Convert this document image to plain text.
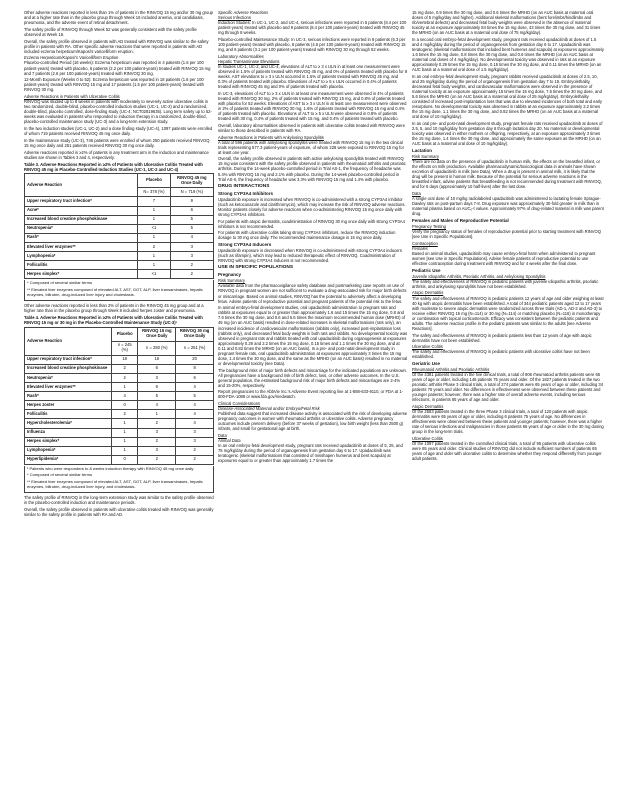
Other adverse reactions reported in less than 1% of patients in the RINVOQ 15 mg and/or 30 mg group and at a higher rate than in the placebo group through Week 16 included anemia, oral candidiasis, pneumonia, and the adverse event of retinal detachment.

The safety profile of RINVOQ through Week 52 was generally consistent with the safety profile observed at Week 16.

Overall, the safety profile observed in patients with AD treated with RINVOQ was similar to the safety profile in patients with RA. Other specific adverse reactions that were reported in patients with AD included eczema herpeticum/Kaposi's varicelliform eruption.

Eczema Herpeticum/Kaposi's Varicelliform Eruption

Placebo-controlled Period (16 weeks): Eczema herpeticum was reported in 4 patients (1.6 per 100 patient-years) treated with placebo, 6 patients (2.2 per 100 patient-years) treated with RINVOQ 15 mg and 7 patients (2.6 per 100 patient-years) treated with RINVOQ 30 mg.

12-Month Exposure (Weeks 0 to 52): Eczema herpeticum was reported in 18 patients (1.6 per 100 patient-years) treated with RINVOQ 15 mg and 17 patients (1.5 per 100 patient-years) treated with RINVOQ 30 mg.

Adverse Reactions in Patients with Ulcerative Colitis

RINVOQ was studied up to 8 weeks in patients with moderately to severely active ulcerative colitis in two randomized, double-blind, placebo-controlled induction studies (UC-1, UC-2) and a randomized, double-blind, placebo controlled, dose-finding study (UC-4; NCT02819635). Long term safety up to 52-weeks was evaluated in patients who responded to induction therapy in a randomized, double-blind, placebo-controlled maintenance study (UC-3) and a long-term extension study.

In the two induction studies (UC-1, UC-2) and a dose finding study (UC-4), 1097 patients were enrolled of whom 719 patients received RINVOQ 45 mg once daily.

In the maintenance study (UC-3), 746 patients were enrolled of whom 250 patients received RINVOQ 15 mg once daily and 251 patients received RINVOQ 30 mg once daily.

Adverse reactions reported in ≥2% of patients in any treatment arm in the induction and maintenance studies are shown in Tables 3 and 4, respectively.

Table 3. Adverse Reactions Reported in ≥2% of Patients with Ulcerative Colitis Treated with RINVOQ 45 mg in Placebo-Controlled Induction Studies (UC-1, UC-2 and UC-4)

Adverse Reaction	Placebo	RINVOQ 45 mg Once Daily
	N= 378 (%)	N = 719 (%)
Upper respiratory tract infection*	7	9
Acne*	1	6
Increased blood creatine phosphokinase	1	5
Neutropenia*	<1	5
Rash*	1	4
Elevated liver enzymes**	2	3
Lymphopenia*	1	3
Folliculitis	1	2
Herpes simplex*	<1	2

* Composed of several similar terms

** Elevated liver enzymes composed of elevated ALT, AST, GGT, ALP, liver transaminases, hepatic enzymes, bilirubin, drug-induced liver injury and cholestasis.

Other adverse reactions reported in less than 2% of patients in the RINVOQ 45 mg group and at a higher rate than in the placebo group through Week 8 included herpes zoster and pneumonia.

Table 4. Adverse Reactions Reported in ≥2% of Patients with Ulcerative Colitis Treated with RINVOQ 15 mg or 30 mg in the Placebo-Controlled Maintenance Study (UC-3)¹

Adverse Reaction	Placebo	RINVOQ 15 mg Once Daily	RINVOQ 30 mg Once Daily
	n = 245 (%)	n = 250 (%)	n = 251 (%)
Upper respiratory tract infection*	18	16	20
Increased blood creatine phosphokinase	2	6	8
Neutropenia*	2	3	6
Elevated liver enzymes**	1	6	4
Rash*	4	5	5
Herpes zoster	0	4	4
Folliculitis	2	1	4
Hypercholesterolemia*	1	2	4
Influenza	1	3	3
Herpes simplex*	1	2	3
Lymphopenia*	1	3	2
Hyperlipidemia*	0	2	2

¹ Patients who were responders to 8 weeks induction therapy with RINVOQ 45 mg once daily

* Composed of several similar terms

** Elevated liver enzymes composed of elevated ALT, AST, GGT, ALP, liver transaminases, hepatic enzymes, bilirubin, drug-induced liver injury, and cholestasis.

The safety profile of RINVOQ in the long-term extension study was similar to the safety profile observed in the placebo-controlled induction and maintenance periods.

Overall, the safety profile observed in patients with ulcerative colitis treated with RINVOQ was generally similar to the safety profile in patients with RA and AD.

Specific Adverse Reactions

Serious Infections

Induction Studies: In UC-1, UC-2, and UC-4, serious infections were reported in 5 patients (8.4 per 100 patient-years) treated with placebo and 9 patients (8.4 per 100 patient-years) treated with RINVOQ 45 mg through 8 weeks.

Placebo-controlled Maintenance Study: In UC-3, serious infections were reported in 8 patients (6.3 per 100 patient-years) treated with placebo, 8 patients (4.5 per 100 patient-years) treated with RINVOQ 15 mg, and 6 patients (3.1 per 100 patient-years) treated with RINVOQ 30 mg through 52 weeks.

Laboratory Abnormalities

Hepatic Transaminase Elevations

In studies UC-1, UC-2, and UC-4, elevations of ALT to ≥ 3 x ULN in at least one measurement were observed in 1.5% of patients treated with RINVOQ 45 mg, and 0% of patients treated with placebo for 8 weeks. AST elevations to ≥ 3 x ULN occurred in 1.5% of patients treated with RINVOQ 45 mg, and 0.3% of patients treated with placebo. Elevations of ALT to ≥ 5 x ULN occurred in 0.4% of patients treated with RINVOQ 45 mg and 0% of patients treated with placebo.

In UC-3, elevations of ALT to ≥ 3 x ULN in at least one measurement were observed in 4% of patients treated with RINVOQ 30 mg, 2% of patients treated with RINVOQ 15 mg, and 0.8% of patients treated with placebo for 52 weeks. Elevations of AST to ≥ 3 x ULN in at least one measurement were observed in 2% of patients treated with RINVOQ 30 mg, 1.6% of patients treated with RINVOQ 15 mg and 0.4% of patients treated with placebo. Elevations of ALT to ≥ 5 x ULN were observed in 0.8% of patients treated with 30 mg, 0.4% of patients treated with 15 mg, and 0.4% of patients treated with placebo.

Overall, laboratory abnormalities observed in patients with ulcerative colitis treated with RINVOQ were similar to those described in patients with RA.

Adverse Reactions in Patients with Ankylosing Spondylitis

A total of 596 patients with ankylosing spondylitis were treated with RINVOQ 15 mg in the two clinical trials representing 577.3 patient-years of exposure, of whom 228 were exposed to RINVOQ 15 mg for at least one year.

Overall, the safety profile observed in patients with active ankylosing spondylitis treated with RINVOQ 15 mg was consistent with the safety profile observed in patients with rheumatoid arthritis and psoriatic arthritis. During the 14-week placebo-controlled period in Trial AS-1, the frequency of headache was 5.4% with RINVOQ 15 mg and 2.1% with placebo. During the 14-week placebo-controlled period in Trial AS-II, the frequency of headache was 3.3% with RINVOQ 15 mg and 1.4% with placebo.

DRUG INTERACTIONS
Strong CYP3A4 Inhibitors

Upadacitinib exposure is increased when RINVOQ is co-administered with a strong CYP3A4 inhibitor (such as ketoconazole and clarithromycin), which may increase the risk of RINVOQ adverse reactions. Monitor patients closely for adverse reactions when co-administering RINVOQ 15 mg once daily with strong CYP3A4 inhibitors.

For patients with atopic dermatitis, coadministration of RINVOQ 30 mg once daily with strong CYP3A4 inhibitors is not recommended.

For patients with ulcerative colitis taking strong CYP3A4 inhibitors, reduce the RINVOQ induction dosage to 30 mg once daily. The recommended maintenance dosage is 15 mg once daily.

Strong CYP3A4 Inducers

Upadacitinib exposure is decreased when RINVOQ is co-administered with strong CYP3A4 inducers (such as rifampin), which may lead to reduced therapeutic effect of RINVOQ. Coadministration of RINVOQ with strong CYP3A4 inducers is not recommended.

USE IN SPECIFIC POPULATIONS
Pregnancy

Risk Summary

Available data from the pharmacovigilance safety database and postmarketing case reports on use of RINVOQ in pregnant women are not sufficient to evaluate a drug-associated risk for major birth defects or miscarriage. Based on animal studies, RINVOQ has the potential to adversely affect a developing fetus. Advise patients of reproductive potential and pregnant patients of the potential risk to the fetus.

In animal embryo-fetal development studies, oral upadacitinib administration to pregnant rats and rabbits at exposures equal to or greater than approximately 1.6 and 15 times the 15 mg dose, 0.8 and 7.6 times the 30 mg dose, and 0.6 and 5.6 times the maximum recommended human dose (MRHD) of 45 mg (on an AUC basis) resulted in dose-related increases in skeletal malformations (rats only), an increased incidence of cardiovascular malformations (rabbits only), increased post-implantation loss (rabbits only), and decreased fetal body weights in both rats and rabbits. No developmental toxicity was observed in pregnant rats and rabbits treated with oral upadacitinib during organogenesis at exposures approximately 0.29 and 2.2 times the 15 mg dose, 0.15 times and 1.1 times the 30 mg dose, and at 0.11 and 0.82 times the MRHD (on an AUC basis). In a pre- and post-natal development study in pregnant female rats, oral upadacitinib administration at exposures approximately 3 times the 15 mg dose, 1.4 times the 30 mg dose, and the same as the MRHD (on an AUC basis) resulted in no maternal or developmental toxicity (see Data).

The background risks of major birth defects and miscarriage for the indicated populations are unknown. All pregnancies have a background risk of birth defect, loss, or other adverse outcomes. In the U.S. general population, the estimated background risk of major birth defects and miscarriages are 2-4% and 15-20%, respectively.

Report pregnancies to the AbbVie Inc.'s Adverse Event reporting line at 1-888-633-9110, or FDA at 1-800-FDA-1088 or www.fda.gov/medwatch.

Clinical Considerations

Disease-Associated Maternal and/or Embryo/Fetal Risk

Published data suggest that increased disease activity is associated with the risk of developing adverse pregnancy outcomes in women with rheumatoid arthritis or ulcerative colitis. Adverse pregnancy outcomes include preterm delivery (before 37 weeks of gestation), low birth weight (less than 2500 g) infants, and small for gestational age at birth.

Data

Animal Data

In an oral embryo-fetal development study, pregnant rats received upadacitinib at doses of 5, 25, and 75 mg/kg/day during the period of organogenesis from gestation day 6 to 17. Upadacitinib was teratogenic (skeletal malformations that consisted of misshapen humerus and bent scapula) at exposures equal to or greater than approximately 1.7 times the

15 mg dose, 0.9 times the 30 mg dose, and 0.6 times the MRHD (on an AUC basis at maternal oral doses of 5 mg/kg/day and higher). Additional skeletal malformations (bent forelimbs/hindlimbs and rib/vertebral defects) and decreased fetal body weights were observed in the absence of maternal toxicity at an exposure approximately 84 times the 15 mg dose, 43 times the 30 mg dose, and 31 times the MRHD (on an AUC basis at a maternal oral dose of 75 mg/kg/day).

In a second oral embryo-fetal development study, pregnant rats received upadacitinib at doses of 1.5 and 4 mg/kg/day during the period of organogenesis from gestation day 6 to 17. Upadacitinib was teratogenic (skeletal malformations that included bent humerus and scapula) at exposures approximately 1.6 times the 15 mg dose, 0.8 times the 30 mg dose, and 0.6 times the MRHD (on an AUC basis at maternal oral doses of 4 mg/kg/day). No developmental toxicity was observed in rats at an exposure approximately 0.29 times the 15 mg dose, 0.15 times the 30 mg dose, and 0.11 times the MRHD (on an AUC basis at a maternal oral dose of 1.5 mg/kg/day).

In an oral embryo-fetal development study, pregnant rabbits received upadacitinib at doses of 2.5, 10, and 25 mg/kg/day during the period of organogenesis from gestation day 7 to 19. Embryolethality, decreased fetal body weights, and cardiovascular malformations were observed in the presence of maternal toxicity at an exposure approximately 15 times the 15 mg dose, 7.6 times the 30 mg dose, and 5.6 times the MRHD (on an AUC basis at a maternal oral dose of 25 mg/kg/day). Embryolethality consisted of increased post-implantation loss that was due to elevated incidences of both total and early resorptions. No developmental toxicity was observed in rabbits at an exposure approximately 2.2 times the 15 mg dose, 1.1 times the 30 mg dose, and 0.82 times the MRHD (on an AUC basis at a maternal oral dose of 10 mg/kg/day).

In an oral pre- and post-natal development study, pregnant female rats received upadacitinib at doses of 2.5, 5, and 10 mg/kg/day from gestation day 6 through lactation day 20. No maternal or developmental toxicity was observed in either mothers or offspring, respectively, at an exposure approximately 3 times the 15 mg dose, 1.4 times the 30 mg dose, and approximately the same exposure as the MRHD (on an AUC basis at a maternal oral dose of 10 mg/kg/day).

Lactation

Risk Summary

There are no data on the presence of upadacitinib in human milk, the effects on the breastfed infant, or the effects on milk production. Available pharmacodynamic/toxicological data in animals have shown excretion of upadacitinib in milk (see Data). When a drug is present in animal milk, it is likely that the drug will be present in human milk. Because of the potential for serious adverse reactions in the breastfed infant, advise patients that breastfeeding is not recommended during treatment with RINVOQ, and for 6 days (approximately 10 half-lives) after the last dose.

Data

A single oral dose of 10 mg/kg radiolabeled upadacitinib was administered to lactating female Sprague-Dawley rats on post-partum days 7-8. Drug exposure was approximately 30-fold greater in milk than in maternal plasma based on AUC₀-t values. Approximately 97% of drug-related material in milk was parent drug.

Females and Males of Reproductive Potential

Pregnancy Testing

Verify the pregnancy status of females of reproductive potential prior to starting treatment with RINVOQ [see Use in Specific Populations].

Contraception

Females

Based on animal studies, upadacitinib may cause embryo-fetal harm when administered to pregnant women [see Use in Specific Populations]. Advise female patients of reproductive potential to use effective contraception during treatment with RINVOQ and for 4 weeks after the final dose.

Pediatric Use

Juvenile Idiopathic Arthritis, Psoriatic Arthritis, and Ankylosing Spondylitis

The safety and effectiveness of RINVOQ in pediatric patients with juvenile idiopathic arthritis, psoriatic arthritis, and ankylosing spondylitis have not been established.

Atopic Dermatitis

The safety and effectiveness of RINVOQ in pediatric patients 12 years of age and older weighing at least 40 kg with atopic dermatitis have been established. A total of 344 pediatric patients aged 12 to 17 years with moderate to severe atopic dermatitis were randomized across three trials (AD-1, AD-2 and AD-3) to receive either RINVOQ 15 mg (N=114) or 30 mg (N=114) or matching placebo (N=116) in monotherapy or combination with topical corticosteroids. Efficacy was consistent between the pediatric patients and adults. The adverse reaction profile in the pediatric patients was similar to the adults [see Adverse Reactions].

The safety and effectiveness of RINVOQ in pediatric patients less than 12 years of age with atopic dermatitis have not been established.

Ulcerative Colitis

The safety and effectiveness of RINVOQ in pediatric patients with ulcerative colitis have not been established.

Geriatric Use

Rheumatoid Arthritis and Psoriatic Arthritis

Of the 4381 patients treated in the five clinical trials, a total of 906 rheumatoid arthritis patients were 65 years of age or older, including 146 patients 75 years and older. Of the 1827 patients treated in the two psoriatic arthritis Phase 3 clinical trials, a total of 274 patients were 65 years of age or older, including 34 patients 75 years and older. No differences in effectiveness were observed between these patients and younger patients; however, there was a higher rate of overall adverse events, including serious infections, in patients 65 years of age and older.

Atopic Dermatitis

Of the 2583 patients treated in the three Phase 3 clinical trials, a total of 120 patients with atopic dermatitis were 65 years of age or older, including 6 patients 75 years of age. No differences in effectiveness were observed between these patients and younger patients; however, there was a higher rate of serious infections and malignancies in those patients 65 years of age or older in the 30 mg dosing group in the long-term trials.

Ulcerative Colitis

Of the 1097 patients treated in the controlled clinical trials, a total of 95 patients with ulcerative colitis were 65 years and older. Clinical studies of RINVOQ did not include sufficient numbers of patients 65 years of age and older with ulcerative colitis to determine whether they respond differently from younger adult patients.
